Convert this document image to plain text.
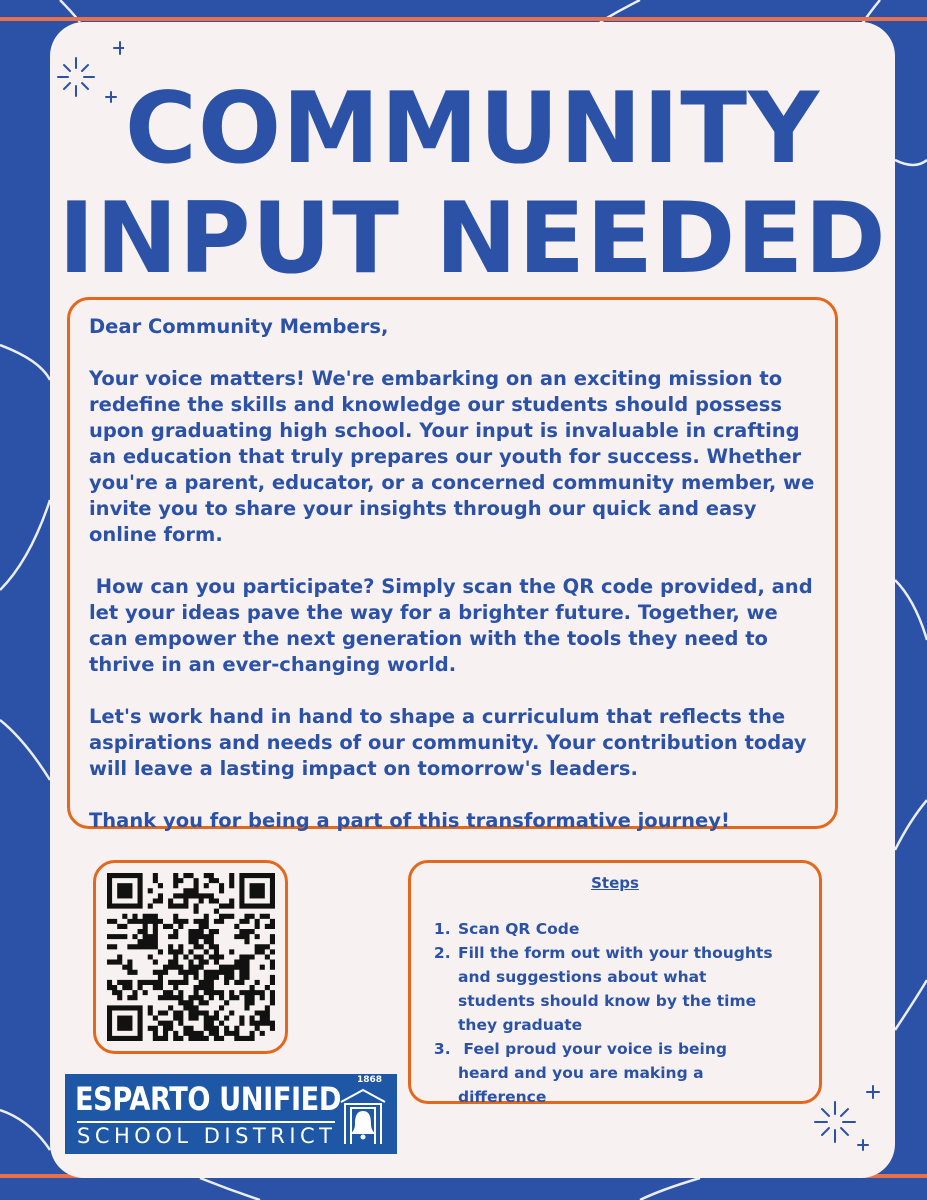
COMMUNITY
INPUT NEEDED

Dear Community Members,

Your voice matters! We're embarking on an exciting mission to redefine the skills and knowledge our students should possess upon graduating high school. Your input is invaluable in crafting an education that truly prepares our youth for success. Whether you're a parent, educator, or a concerned community member, we invite you to share your insights through our quick and easy online form.

How can you participate? Simply scan the QR code provided, and let your ideas pave the way for a brighter future. Together, we can empower the next generation with the tools they need to thrive in an ever-changing world.

Let's work hand in hand to shape a curriculum that reflects the aspirations and needs of our community. Your contribution today will leave a lasting impact on tomorrow's leaders.

Thank you for being a part of this transformative journey!

Steps
1. Scan QR Code
2. Fill the form out with your thoughts and suggestions about what students should know by the time they graduate
3.  Feel proud your voice is being heard and you are making a difference
ESPARTO UNIFIED
SCHOOL DISTRICT
1868
